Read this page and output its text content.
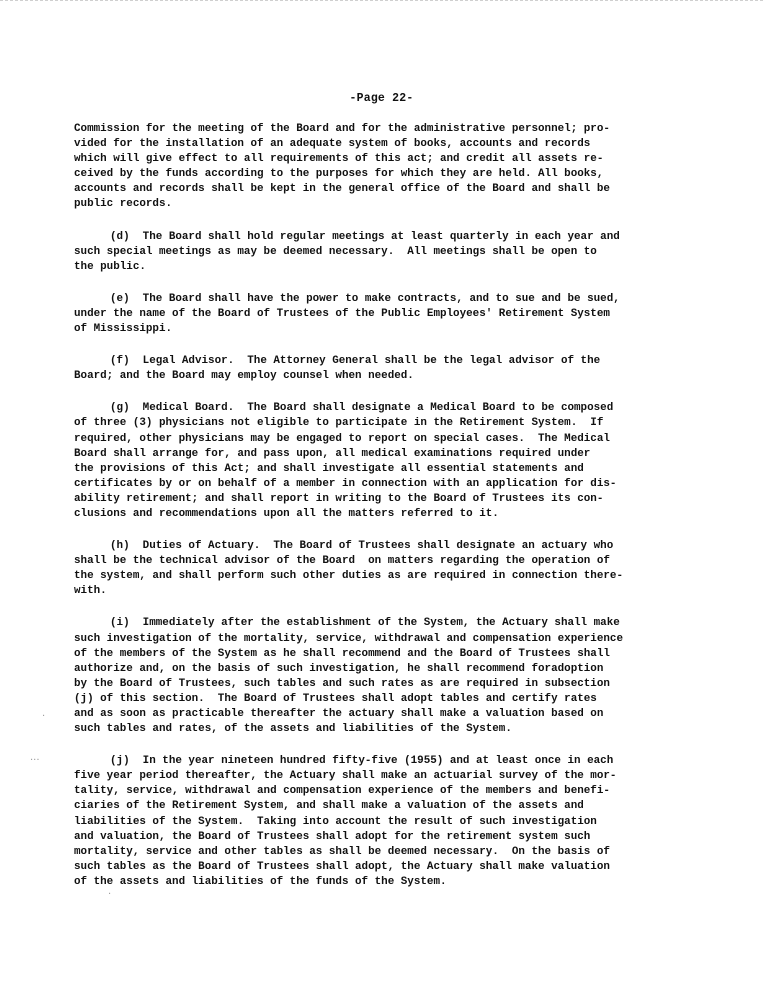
-Page 22-
Commission for the meeting of the Board and for the administrative personnel; pro-
vided for the installation of an adequate system of books, accounts and records
which will give effect to all requirements of this act; and credit all assets re-
ceived by the funds according to the purposes for which they are held. All books,
accounts and records shall be kept in the general office of the Board and shall be
public records.
(d)  The Board shall hold regular meetings at least quarterly in each year and
such special meetings as may be deemed necessary.  All meetings shall be open to
the public.
(e)  The Board shall have the power to make contracts, and to sue and be sued,
under the name of the Board of Trustees of the Public Employees' Retirement System
of Mississippi.
(f)  Legal Advisor.  The Attorney General shall be the legal advisor of the
Board; and the Board may employ counsel when needed.
(g)  Medical Board.  The Board shall designate a Medical Board to be composed
of three (3) physicians not eligible to participate in the Retirement System.  If
required, other physicians may be engaged to report on special cases.  The Medical
Board shall arrange for, and pass upon, all medical examinations required under
the provisions of this Act; and shall investigate all essential statements and
certificates by or on behalf of a member in connection with an application for dis-
ability retirement; and shall report in writing to the Board of Trustees its con-
clusions and recommendations upon all the matters referred to it.
(h)  Duties of Actuary.  The Board of Trustees shall designate an actuary who
shall be the technical advisor of the Board  on matters regarding the operation of
the system, and shall perform such other duties as are required in connection there-
with.
(i)  Immediately after the establishment of the System, the Actuary shall make
such investigation of the mortality, service, withdrawal and compensation experience
of the members of the System as he shall recommend and the Board of Trustees shall
authorize and, on the basis of such investigation, he shall recommend foradoption
by the Board of Trustees, such tables and such rates as are required in subsection
(j) of this section.  The Board of Trustees shall adopt tables and certify rates
and as soon as practicable thereafter the actuary shall make a valuation based on
such tables and rates, of the assets and liabilities of the System.
(j)  In the year nineteen hundred fifty-five (1955) and at least once in each
five year period thereafter, the Actuary shall make an actuarial survey of the mor-
tality, service, withdrawal and compensation experience of the members and benefi-
ciaries of the Retirement System, and shall make a valuation of the assets and
liabilities of the System.  Taking into account the result of such investigation
and valuation, the Board of Trustees shall adopt for the retirement system such
mortality, service and other tables as shall be deemed necessary.  On the basis of
such tables as the Board of Trustees shall adopt, the Actuary shall make valuation
of the assets and liabilities of the funds of the System.
·
···
·
